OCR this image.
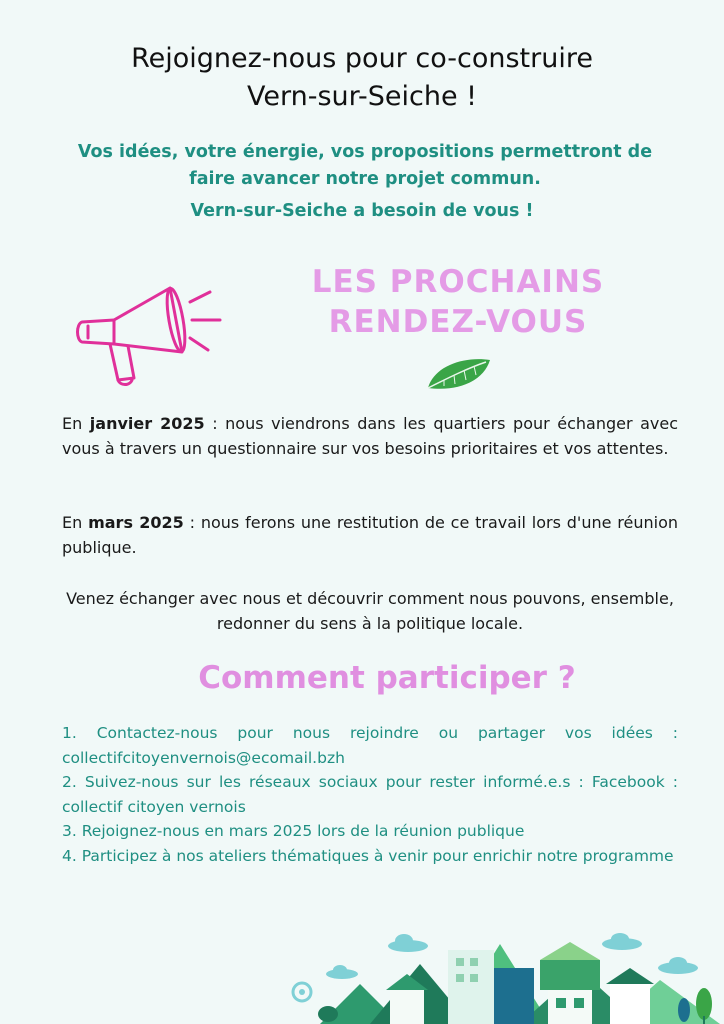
Rejoignez-nous pour co-construire
Vern-sur-Seiche !
Vos idées, votre énergie, vos propositions permettront de faire avancer notre projet commun.
Vern-sur-Seiche a besoin de vous !
LES PROCHAINS
RENDEZ-VOUS
En janvier 2025 : nous viendrons dans les quartiers pour échanger avec vous à travers un questionnaire sur vos besoins prioritaires et vos attentes.
En mars 2025 : nous ferons une restitution de ce travail lors d'une réunion publique.
Venez échanger avec nous et découvrir comment nous pouvons, ensemble, redonner du sens à la politique locale.
Comment participer ?
1. Contactez-nous pour nous rejoindre ou partager vos idées : collectifcitoyenvernois@ecomail.bzh
2. Suivez-nous sur les réseaux sociaux pour rester informé.e.s : Facebook : collectif citoyen vernois
3. Rejoignez-nous en mars 2025 lors de la réunion publique
4. Participez à nos ateliers thématiques à venir pour enrichir notre programme
